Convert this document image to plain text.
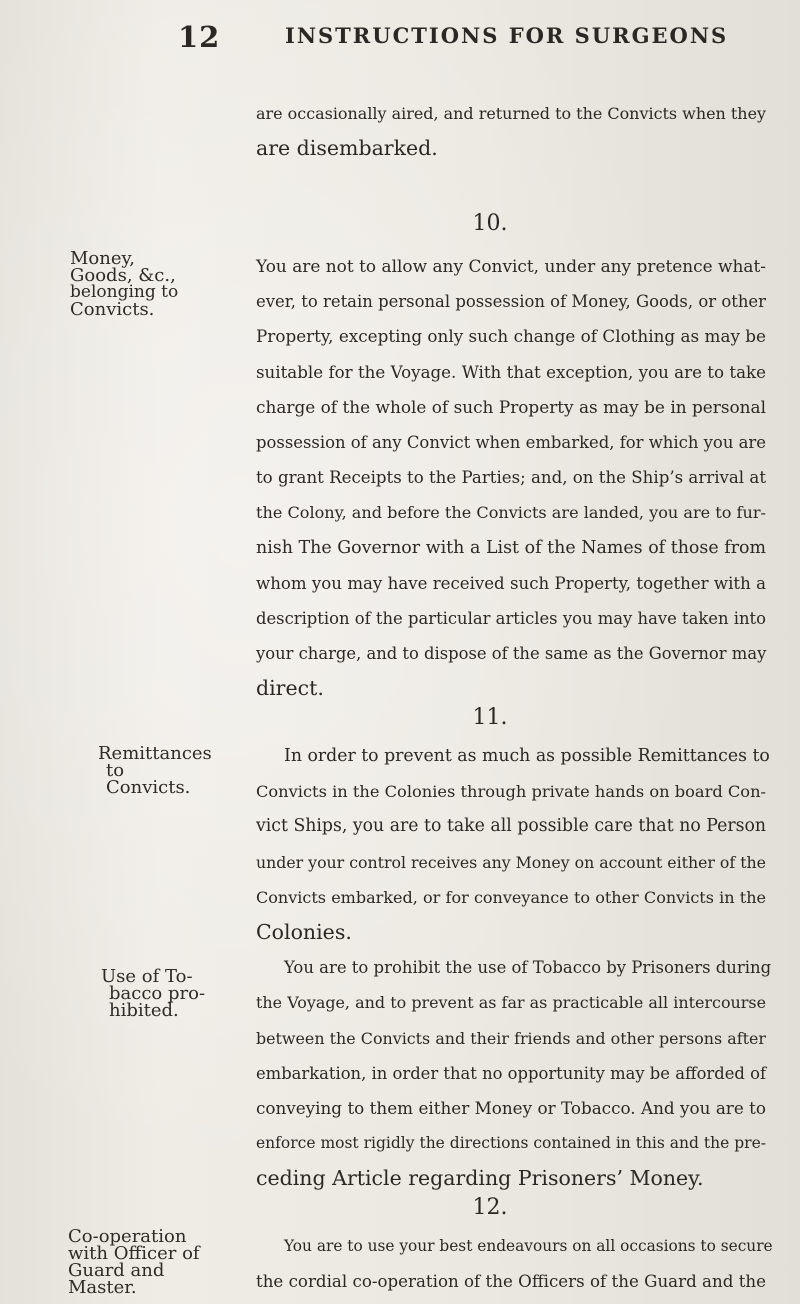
12	INSTRUCTIONS FOR SURGEONS
are occasionally aired, and returned to the Convicts when they
are disembarked.
10.
Money,
Goods, &c.,
belonging to
Convicts.
You are not to allow any Convict, under any pretence what-
ever, to retain personal possession of Money, Goods, or other
Property, excepting only such change of Clothing as may be
suitable for the Voyage. With that exception, you are to take
charge of the whole of such Property as may be in personal
possession of any Convict when embarked, for which you are
to grant Receipts to the Parties; and, on the Ship’s arrival at
the Colony, and before the Convicts are landed, you are to fur-
nish The Governor with a List of the Names of those from
whom you may have received such Property, together with a
description of the particular articles you may have taken into
your charge, and to dispose of the same as the Governor may
direct.
11.
Remittances
to Convicts.
Use of To-
bacco pro-
hibited.
In order to prevent as much as possible Remittances to
Convicts in the Colonies through private hands on board Con-
vict Ships, you are to take all possible care that no Person
under your control receives any Money on account either of the
Convicts embarked, or for conveyance to other Convicts in the
Colonies.
You are to prohibit the use of Tobacco by Prisoners during
the Voyage, and to prevent as far as practicable all intercourse
between the Convicts and their friends and other persons after
embarkation, in order that no opportunity may be afforded of
conveying to them either Money or Tobacco. And you are to
enforce most rigidly the directions contained in this and the pre-
ceding Article regarding Prisoners’ Money.
12.
Co-operation
with Officer of
Guard and
Master.
You are to use your best endeavours on all occasions to secure
the cordial co-operation of the Officers of the Guard and the
